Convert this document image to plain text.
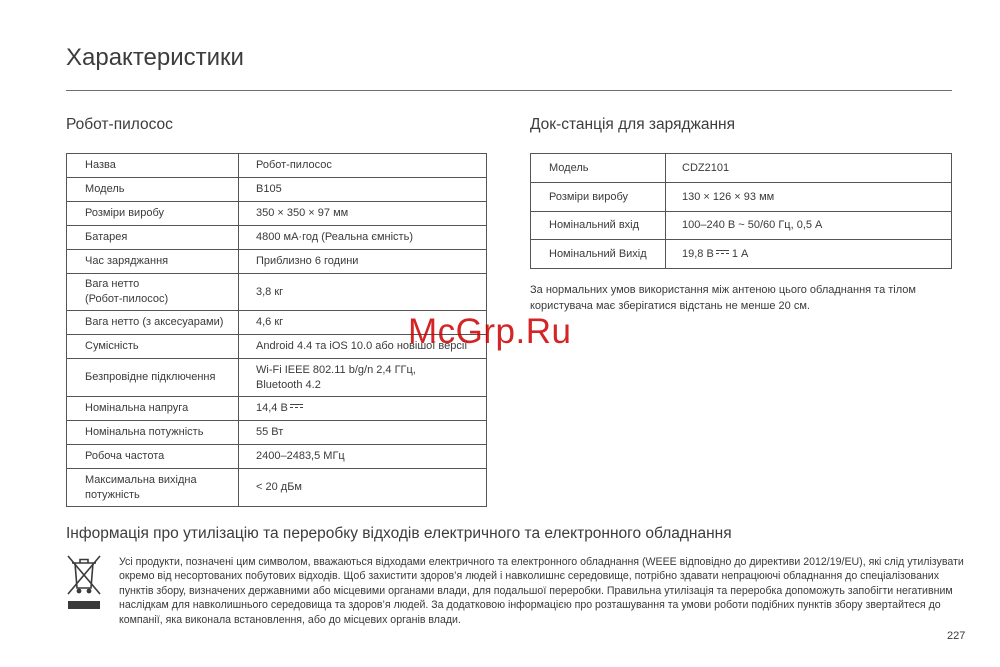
Характеристики
Робот-пилосос
Назва	Робот-пилосос
Модель	B105
Розміри виробу	350 × 350 × 97 мм
Батарея	4800 мА·год (Реальна ємність)
Час заряджання	Приблизно 6 години
Вага нетто
(Робот-пилосос)	3,8 кг
Вага нетто (з аксесуарами)	4,6 кг
Сумісність	Android 4.4 та iOS 10.0 або новішої версії
Безпровідне підключення	Wi-Fi IEEE 802.11 b/g/n 2,4 ГГц,
Bluetooth 4.2
Номінальна напруга	14,4 В

Номінальна потужність	55 Вт
Робоча частота	2400–2483,5 МГц
Максимальна вихідна
потужність	< 20 дБм
Док-станція для заряджання
Модель	CDZ2101
Розміри виробу	130 × 126 × 93 мм
Номінальний вхід	100–240 В ~ 50/60 Гц, 0,5 А
Номінальний Вихід	19,8 В 1 А
За нормальних умов використання між антеною цього обладнання та тілом користувача має зберігатися відстань не менше 20 см.
Інформація про утилізацію та переробку відходів електричного та електронного обладнання
Усі продукти, позначені цим символом, вважаються відходами електричного та електронного обладнання (WEEE відповідно до директиви 2012/19/EU), які слід утилізувати окремо від несортованих побутових відходів. Щоб захистити здоров’я людей і навколишнє середовище, потрібно здавати непрацюючі обладнання до спеціалізованих пунктів збору, визначених державними або місцевими органами влади, для подальшої переробки. Правильна утилізація та переробка допоможуть запобігти негативним наслідкам для навколишнього середовища та здоров’я людей. За додатковою інформацією про розташування та умови роботи подібних пунктів збору звертайтеся до компанії, яка виконала встановлення, або до місцевих органів влади.
227
McGrp.Ru
